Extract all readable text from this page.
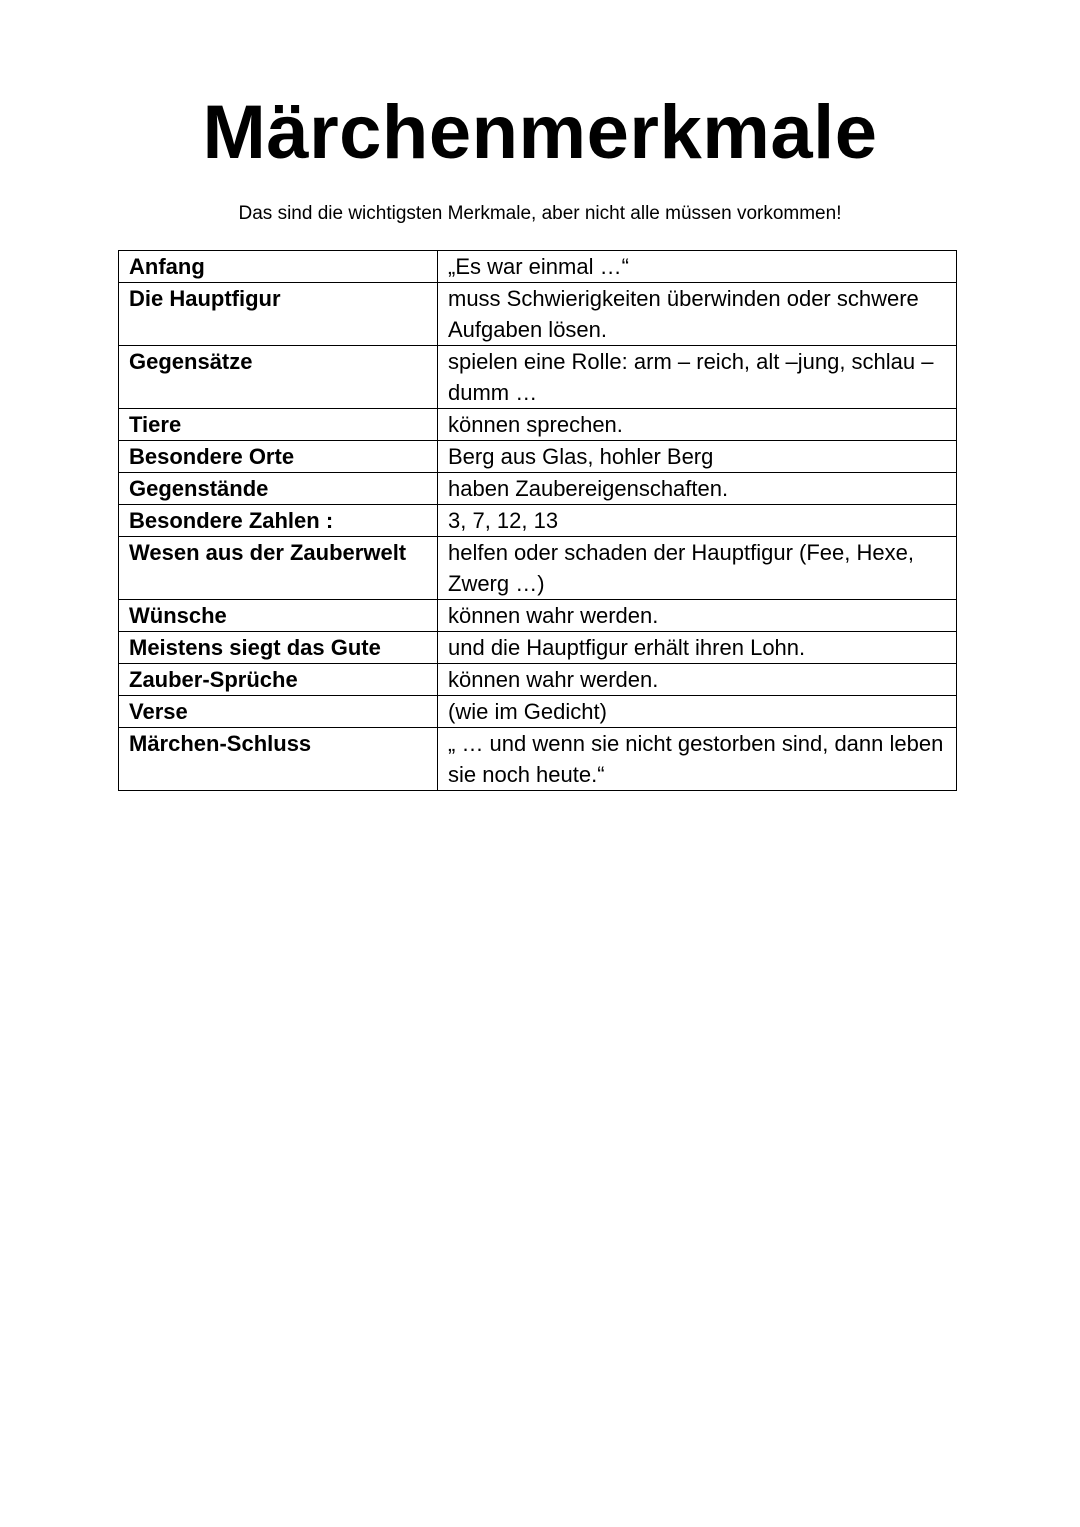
Märchenmerkmale
Das sind die wichtigsten Merkmale, aber nicht alle müssen vorkommen!
Anfang	„Es war einmal …“
Die Hauptfigur	muss Schwierigkeiten überwinden oder schwere Aufgaben lösen.
Gegensätze	spielen eine Rolle: arm – reich, alt –jung, schlau – dumm …
Tiere	können sprechen.
Besondere Orte	Berg aus Glas, hohler Berg
Gegenstände	haben Zaubereigenschaften.
Besondere Zahlen :	3, 7, 12, 13
Wesen aus der Zauberwelt	helfen oder schaden der Hauptfigur (Fee, Hexe, Zwerg …)
Wünsche	können wahr werden.
Meistens siegt das Gute	und die Hauptfigur erhält ihren Lohn.
Zauber-Sprüche	können wahr werden.
Verse	(wie im Gedicht)
Märchen-Schluss	„ … und wenn sie nicht gestorben sind, dann leben sie noch heute.“
